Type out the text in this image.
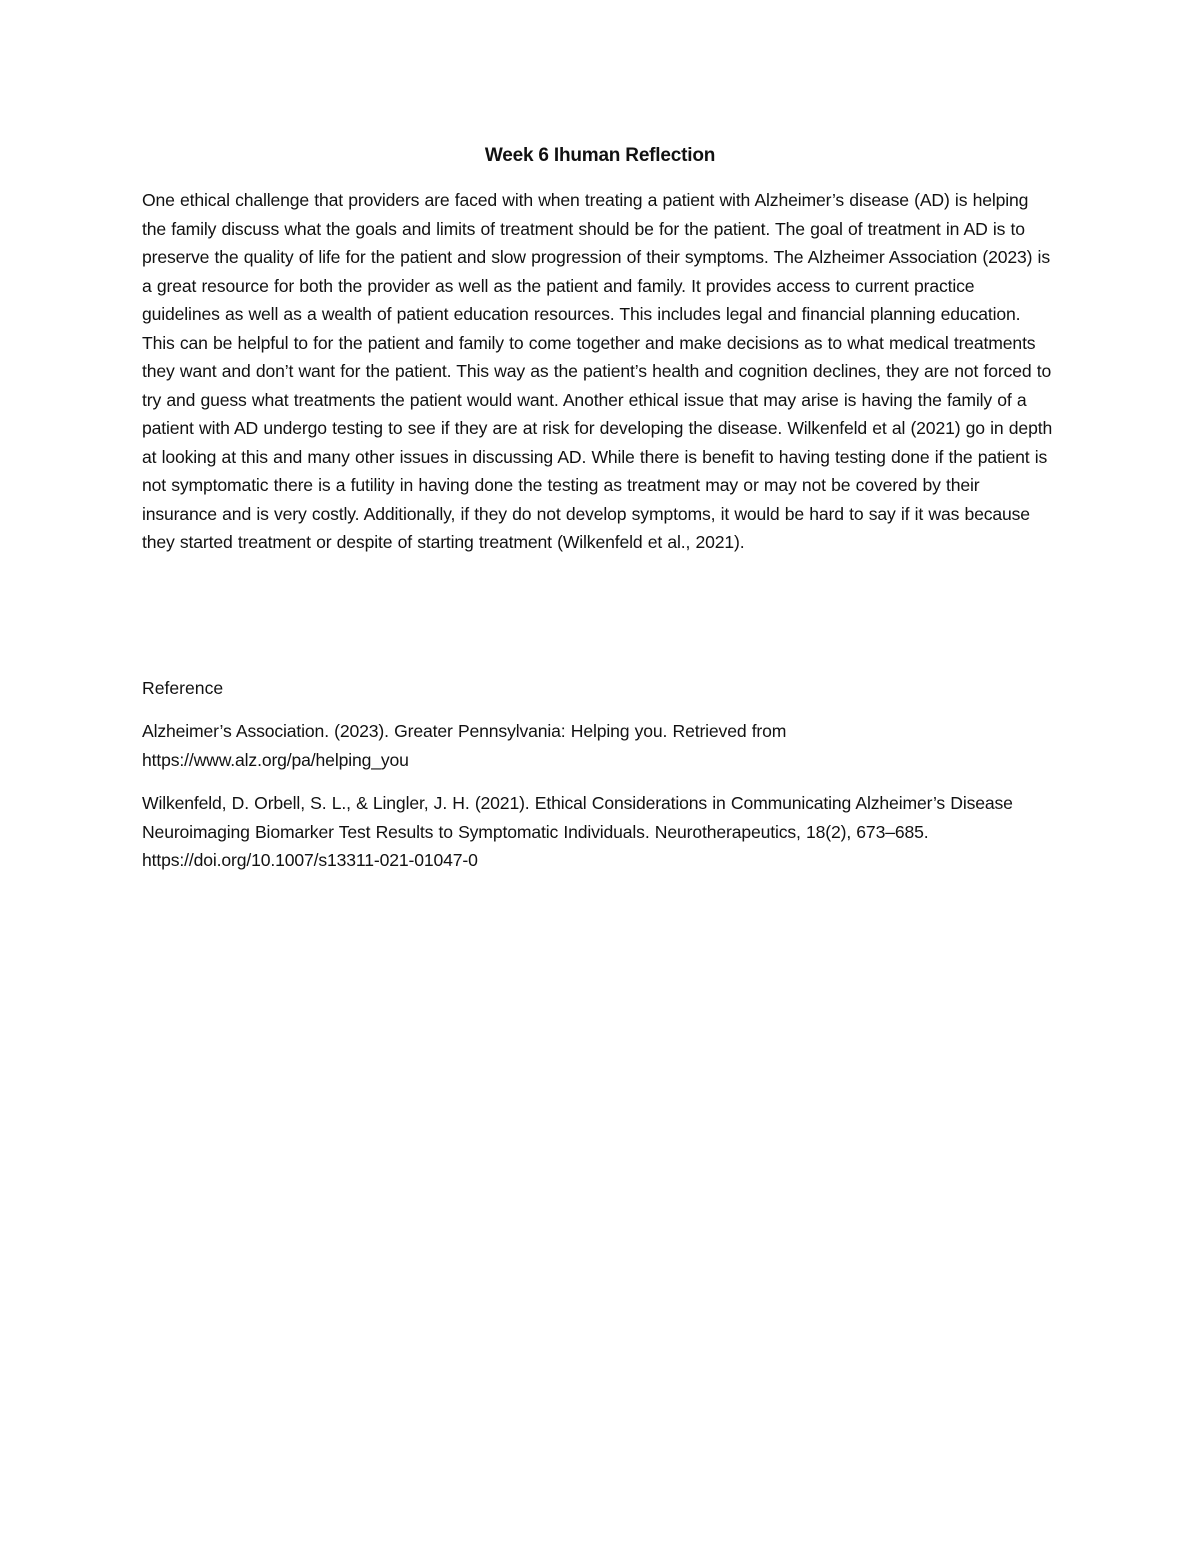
Week 6 Ihuman Reflection

One ethical challenge that providers are faced with when treating a patient with Alzheimer’s disease (AD) is helping the family discuss what the goals and limits of treatment should be for the patient. The goal of treatment in AD is to preserve the quality of life for the patient and slow progression of their symptoms. The Alzheimer Association (2023) is a great resource for both the provider as well as the patient and family. It provides access to current practice guidelines as well as a wealth of patient education resources. This includes legal and financial planning education. This can be helpful to for the patient and family to come together and make decisions as to what medical treatments they want and don’t want for the patient. This way as the patient’s health and cognition declines, they are not forced to try and guess what treatments the patient would want. Another ethical issue that may arise is having the family of a patient with AD undergo testing to see if they are at risk for developing the disease. Wilkenfeld et al (2021) go in depth at looking at this and many other issues in discussing AD. While there is benefit to having testing done if the patient is not symptomatic there is a futility in having done the testing as treatment may or may not be covered by their insurance and is very costly. Additionally, if they do not develop symptoms, it would be hard to say if it was because they started treatment or despite of starting treatment (Wilkenfeld et al., 2021).

Reference

Alzheimer’s Association. (2023). Greater Pennsylvania: Helping you. Retrieved from https://www.alz.org/pa/helping_you

Wilkenfeld, D. Orbell, S. L., & Lingler, J. H. (2021). Ethical Considerations in Communicating Alzheimer’s Disease Neuroimaging Biomarker Test Results to Symptomatic Individuals. Neurotherapeutics, 18(2), 673–685. https://doi.org/10.1007/s13311-021-01047-0
